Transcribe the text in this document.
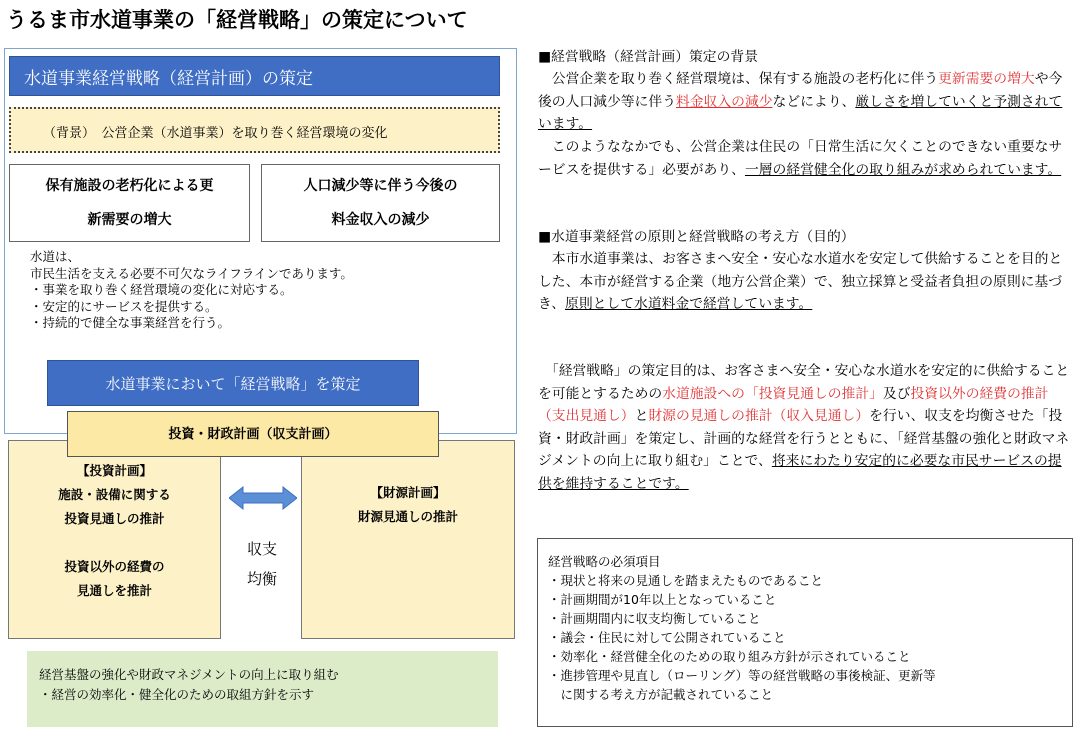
うるま市水道事業の「経営戦略」の策定について
水道事業経営戦略（経営計画）の策定
（背景）　公営企業（水道事業）を取り巻く経営環境の変化
保有施設の老朽化による更
新需要の増大
人口減少等に伴う今後の
料金収入の減少
水道は、
市民生活を支える必要不可欠なライフラインであります。
・事業を取り巻く経営環境の変化に対応する。
・安定的にサービスを提供する。
・持続的で健全な事業経営を行う。
水道事業において「経営戦略」を策定
【投資計画】
施設・設備に関する
投資見通しの推計
投資以外の経費の
見通しを推計
【財源計画】
財源見通しの推計
投資・財政計画（収支計画）
収支
均衡
経営基盤の強化や財政マネジメントの向上に取り組む
・経営の効率化・健全化のための取組方針を示す
■経営戦略（経営計画）策定の背景
　公営企業を取り巻く経営環境は、保有する施設の老朽化に伴う更新需要の増大や今後の人口減少等に伴う料金収入の減少などにより、厳しさを増していくと予測されています。
　このようななかでも、公営企業は住民の「日常生活に欠くことのできない重要なサービスを提供する」必要があり、一層の経営健全化の取り組みが求められています。
■水道事業経営の原則と経営戦略の考え方（目的）
　本市水道事業は、お客さまへ安全・安心な水道水を安定して供給することを目的とした、本市が経営する企業（地方公営企業）で、独立採算と受益者負担の原則に基づき、原則として水道料金で経営しています。
　「経営戦略」の策定目的は、お客さまへ安全・安心な水道水を安定的に供給することを可能とするための水道施設への「投資見通しの推計」及び投資以外の経費の推計（支出見通し）と財源の見通しの推計（収入見通し）を行い、収支を均衡させた「投資・財政計画」を策定し、計画的な経営を行うとともに、「経営基盤の強化と財政マネジメントの向上に取り組む」ことで、将来にわたり安定的に必要な市民サービスの提供を維持することです。
経営戦略の必須項目
・現状と将来の見通しを踏まえたものであること
・計画期間が10年以上となっていること
・計画期間内に収支均衡していること
・議会・住民に対して公開されていること
・効率化・経営健全化のための取り組み方針が示されていること
・進捗管理や見直し（ローリング）等の経営戦略の事後検証、更新等
　に関する考え方が記載されていること
